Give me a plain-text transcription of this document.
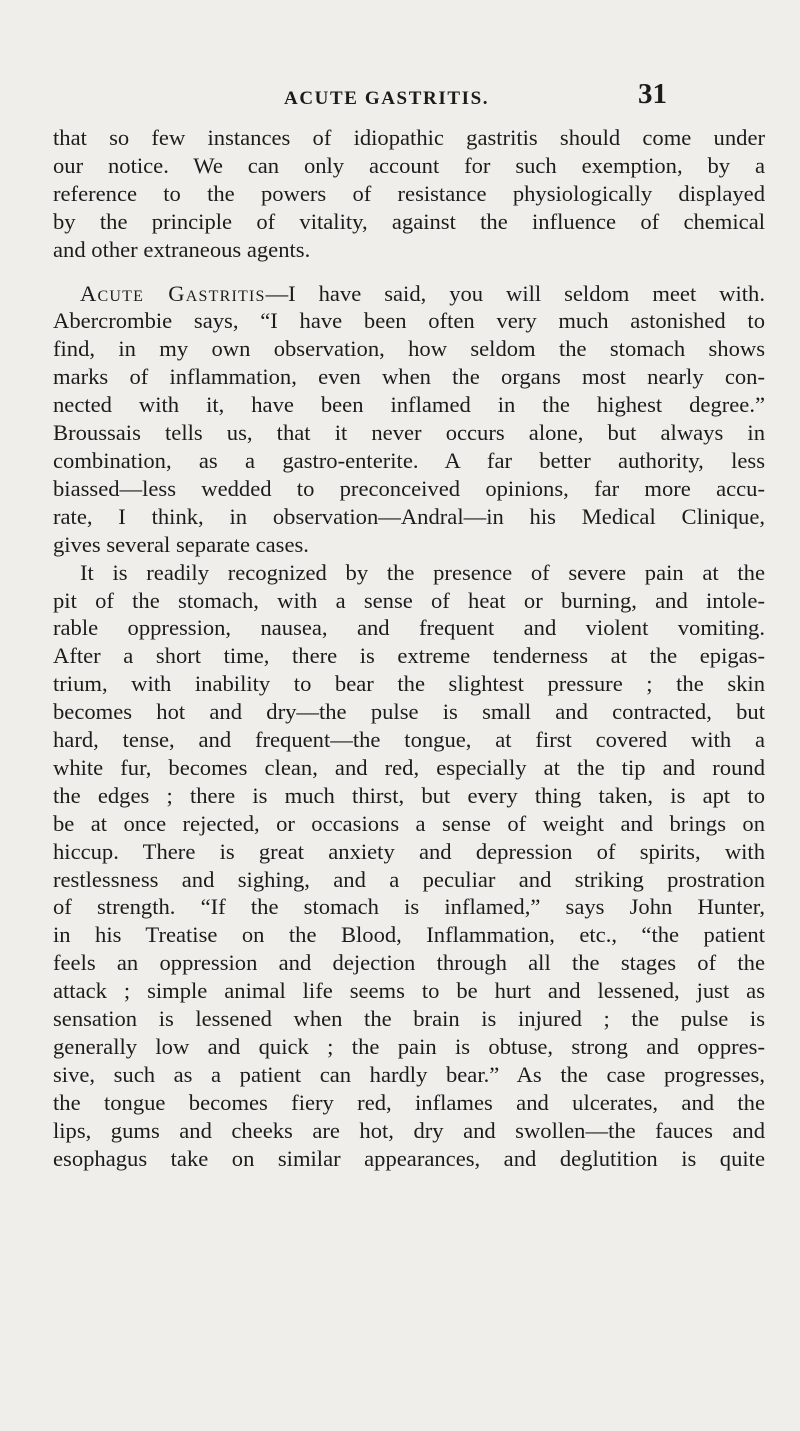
ACUTE GASTRITIS.	31
that so few instances of idiopathic gastritis should come under
our notice. We can only account for such exemption, by a
reference to the powers of resistance physiologically displayed
by the principle of vitality, against the influence of chemical
and other extraneous agents.
Acute Gastritis—I have said, you will seldom meet with.
Abercrombie says, “I have been often very much astonished to
find, in my own observation, how seldom the stomach shows
marks of inflammation, even when the organs most nearly con-
nected with it, have been inflamed in the highest degree.”
Broussais tells us, that it never occurs alone, but always in
combination, as a gastro-enterite. A far better authority, less
biassed—less wedded to preconceived opinions, far more accu-
rate, I think, in observation—Andral—in his Medical Clinique,
gives several separate cases.
It is readily recognized by the presence of severe pain at the
pit of the stomach, with a sense of heat or burning, and intole-
rable oppression, nausea, and frequent and violent vomiting.
After a short time, there is extreme tenderness at the epigas-
trium, with inability to bear the slightest pressure ; the skin
becomes hot and dry—the pulse is small and contracted, but
hard, tense, and frequent—the tongue, at first covered with a
white fur, becomes clean, and red, especially at the tip and round
the edges ; there is much thirst, but every thing taken, is apt to
be at once rejected, or occasions a sense of weight and brings on
hiccup. There is great anxiety and depression of spirits, with
restlessness and sighing, and a peculiar and striking prostration
of strength. “If the stomach is inflamed,” says John Hunter,
in his Treatise on the Blood, Inflammation, etc., “the patient
feels an oppression and dejection through all the stages of the
attack ; simple animal life seems to be hurt and lessened, just as
sensation is lessened when the brain is injured ; the pulse is
generally low and quick ; the pain is obtuse, strong and oppres-
sive, such as a patient can hardly bear.” As the case progresses,
the tongue becomes fiery red, inflames and ulcerates, and the
lips, gums and cheeks are hot, dry and swollen—the fauces and
esophagus take on similar appearances, and deglutition is quite
